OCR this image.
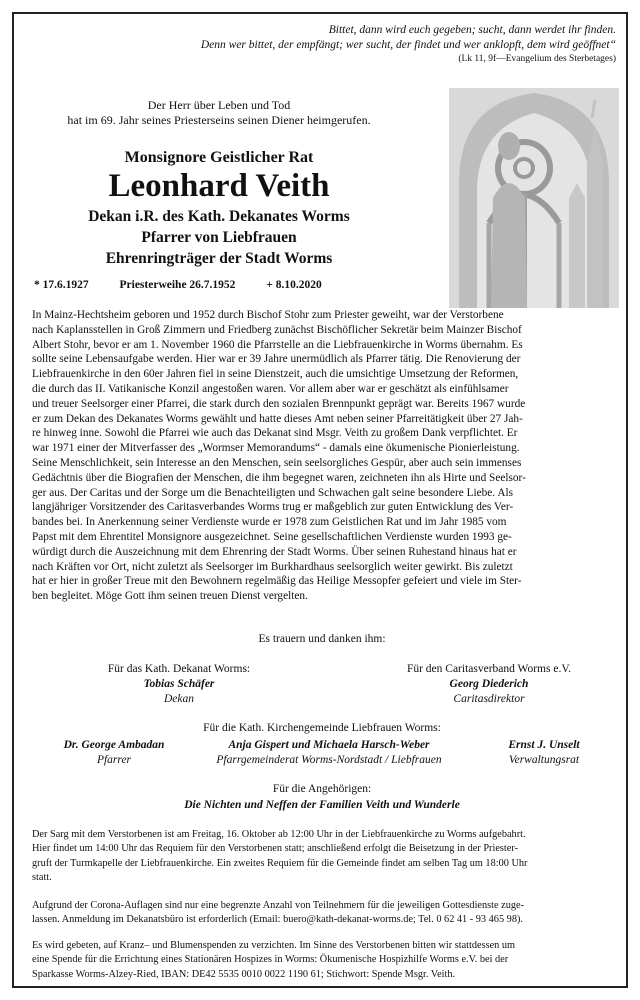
Bittet, dann wird euch gegeben; sucht, dann werdet ihr finden.
Denn wer bittet, der empfängt; wer sucht, der findet und wer anklopft, dem wird geöffnet“
(Lk 11, 9f—Evangelium des Sterbetages)
Der Herr über Leben und Tod
hat im 69. Jahr seines Priesterseins seinen Diener heimgerufen.
Monsignore Geistlicher Rat
Leonhard Veith
Dekan i.R. des Kath. Dekanates Worms
Pfarrer von Liebfrauen
Ehrenringträger der Stadt Worms
* 17.6.1927	Priesterweihe 26.7.1952	+ 8.10.2020
In Mainz-Hechtsheim geboren und 1952 durch Bischof Stohr zum Priester geweiht, war der Verstorbene
nach Kaplansstellen in Groß Zimmern und Friedberg zunächst Bischöflicher Sekretär beim Mainzer Bischof
Albert Stohr, bevor er am 1. November 1960 die Pfarrstelle an die Liebfrauenkirche in Worms übernahm. Es
sollte seine Lebensaufgabe werden. Hier war er 39 Jahre unermüdlich als Pfarrer tätig. Die Renovierung der
Liebfrauenkirche in den 60er Jahren fiel in seine Dienstzeit, auch die umsichtige Umsetzung der Reformen,
die durch das II. Vatikanische Konzil angestoßen waren. Vor allem aber war er geschätzt als einfühlsamer
und treuer Seelsorger einer Pfarrei, die stark durch den sozialen Brennpunkt geprägt war. Bereits 1967 wurde
er zum Dekan des Dekanates Worms gewählt und hatte dieses Amt neben seiner Pfarreitätigkeit über 27 Jah-
re hinweg inne. Sowohl die Pfarrei wie auch das Dekanat sind Msgr. Veith zu großem Dank verpflichtet. Er
war 1971 einer der Mitverfasser des „Wormser Memorandums“ - damals eine ökumenische Pionierleistung.
Seine Menschlichkeit, sein Interesse an den Menschen, sein seelsorgliches Gespür, aber auch sein immenses
Gedächtnis über die Biografien der Menschen, die ihm begegnet waren, zeichneten ihn als Hirte und Seelsor-
ger aus. Der Caritas und der Sorge um die Benachteiligten und Schwachen galt seine besondere Liebe. Als
langjähriger Vorsitzender des Caritasverbandes Worms trug er maßgeblich zur guten Entwicklung des Ver-
bandes bei. In Anerkennung seiner Verdienste wurde er 1978 zum Geistlichen Rat und im Jahr 1985 vom
Papst mit dem Ehrentitel Monsignore ausgezeichnet. Seine gesellschaftlichen Verdienste wurden 1993 ge-
würdigt durch die Auszeichnung mit dem Ehrenring der Stadt Worms. Über seinen Ruhestand hinaus hat er
nach Kräften vor Ort, nicht zuletzt als Seelsorger im Burkhardhaus seelsorglich weiter gewirkt. Bis zuletzt
hat er hier in großer Treue mit den Bewohnern regelmäßig das Heilige Messopfer gefeiert und viele im Ster-
ben begleitet. Möge Gott ihm seinen treuen Dienst vergelten.
Es trauern und danken ihm:
Für das Kath. Dekanat Worms:
Tobias Schäfer
Dekan
Für den Caritasverband Worms e.V.
Georg Diederich
Caritasdirektor
Für die Kath. Kirchengemeinde Liebfrauen Worms:
Dr. George Ambadan
Pfarrer
Anja Gispert und Michaela Harsch-Weber
Pfarrgemeinderat Worms-Nordstadt / Liebfrauen
Ernst J. Unselt
Verwaltungsrat
Für die Angehörigen:
Die Nichten und Neffen der Familien Veith und Wunderle
Der Sarg mit dem Verstorbenen ist am Freitag, 16. Oktober ab 12:00 Uhr in der Liebfrauenkirche zu Worms aufgebahrt.
Hier findet um 14:00 Uhr das Requiem für den Verstorbenen statt; anschließend erfolgt die Beisetzung in der Priester-
gruft der Turmkapelle der Liebfrauenkirche. Ein zweites Requiem für die Gemeinde findet am selben Tag um 18:00 Uhr
statt.
Aufgrund der Corona-Auflagen sind nur eine begrenzte Anzahl von Teilnehmern für die jeweiligen Gottesdienste zuge-
lassen. Anmeldung im Dekanatsbüro ist erforderlich (Email: buero@kath-dekanat-worms.de; Tel. 0 62 41 - 93 465 98).
Es wird gebeten, auf Kranz– und Blumenspenden zu verzichten. Im Sinne des Verstorbenen bitten wir stattdessen um
eine Spende für die Errichtung eines Stationären Hospizes in Worms: Ökumenische Hospizhilfe Worms e.V. bei der
Sparkasse Worms-Alzey-Ried, IBAN: DE42 5535 0010 0022 1190 61; Stichwort: Spende Msgr. Veith.
